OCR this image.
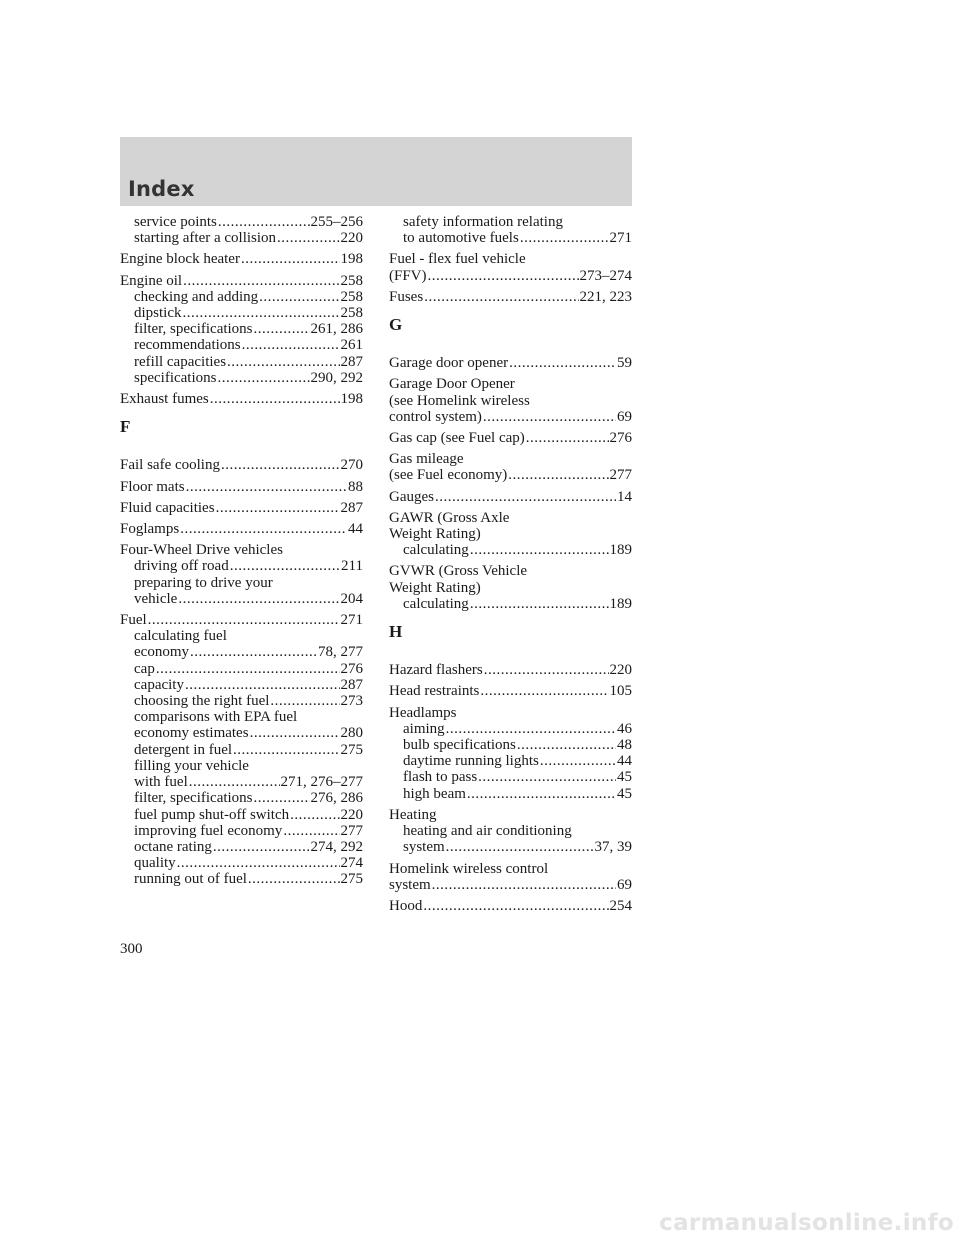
Index
service points .....	255–256
starting after a collision .....	220
Engine block heater .....	198
Engine oil .....	258
checking and adding .....	258
dipstick .....	258
filter, specifications .....	261, 286
recommendations .....	261
refill capacities .....	287
specifications .....	290, 292
Exhaust fumes .....	198
F
Fail safe cooling .....	270
Floor mats .....	88
Fluid capacities .....	287
Foglamps .....	44
Four-Wheel Drive vehicles
driving off road .....	211
preparing to drive your
vehicle .....	204
Fuel .....	271
calculating fuel
economy .....	78, 277
cap .....	276
capacity .....	287
choosing the right fuel .....	273
comparisons with EPA fuel
economy estimates .....	280
detergent in fuel .....	275
filling your vehicle
with fuel .....	271, 276–277
filter, specifications .....	276, 286
fuel pump shut-off switch .....	220
improving fuel economy .....	277
octane rating .....	274, 292
quality .....	274
running out of fuel .....	275
safety information relating
to automotive fuels .....	271
Fuel - flex fuel vehicle
(FFV) .....	273–274
Fuses .....	221, 223
G
Garage door opener .....	59
Garage Door Opener
(see Homelink wireless
control system) .....	69
Gas cap (see Fuel cap) .....	276
Gas mileage
(see Fuel economy) .....	277
Gauges .....	14
GAWR (Gross Axle
Weight Rating)
calculating .....	189
GVWR (Gross Vehicle
Weight Rating)
calculating .....	189
H
Hazard flashers .....	220
Head restraints .....	105
Headlamps
aiming .....	46
bulb specifications .....	48
daytime running lights .....	44
flash to pass .....	45
high beam .....	45
Heating
heating and air conditioning
system .....	37, 39
Homelink wireless control
system .....	69
Hood .....	254
300
carmanualsonline.info
